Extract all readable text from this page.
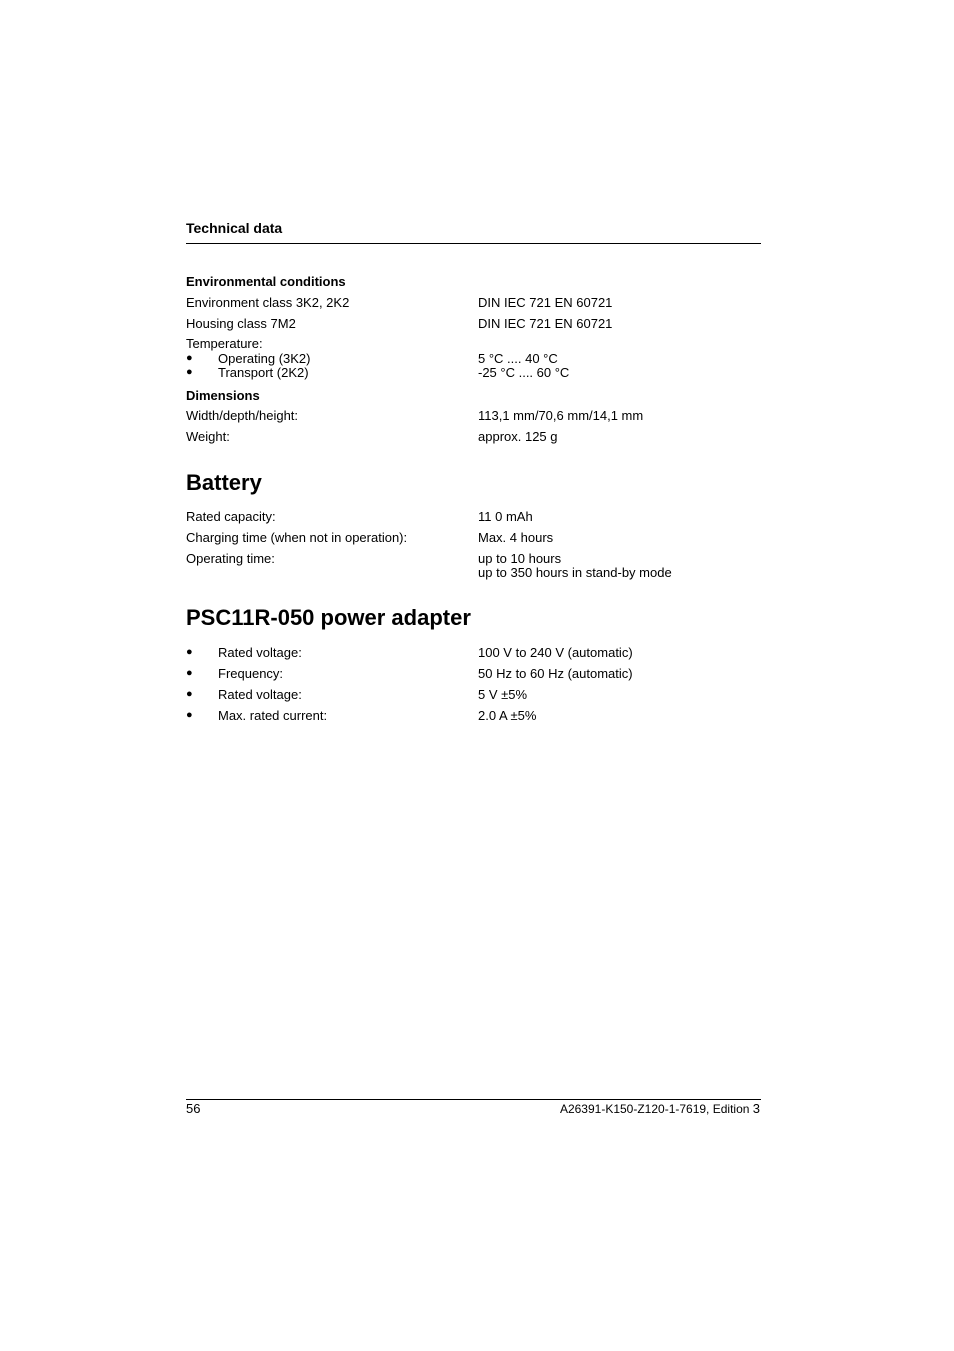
Technical data
Environmental conditions
Environment class 3K2, 2K2	DIN IEC 721 EN 60721
Housing class 7M2	DIN IEC 721 EN 60721
Temperature:
● Operating (3K2)	5 °C .... 40 °C
● Transport (2K2)	-25 °C .... 60 °C
Dimensions
Width/depth/height:	113,1 mm/70,6 mm/14,1 mm
Weight:	approx. 125 g
Battery
Rated capacity:	11 0 mAh
Charging time (when not in operation):	Max. 4 hours
Operating time:	up to 10 hours
up to 350 hours in stand-by mode
PSC11R-050 power adapter
● Rated voltage:	100 V to 240 V (automatic)
● Frequency:	50 Hz to 60 Hz (automatic)
● Rated voltage:	5 V ±5%
● Max. rated current:	2.0 A ±5%
56	A26391-K150-Z120-1-7619, Edition 3
